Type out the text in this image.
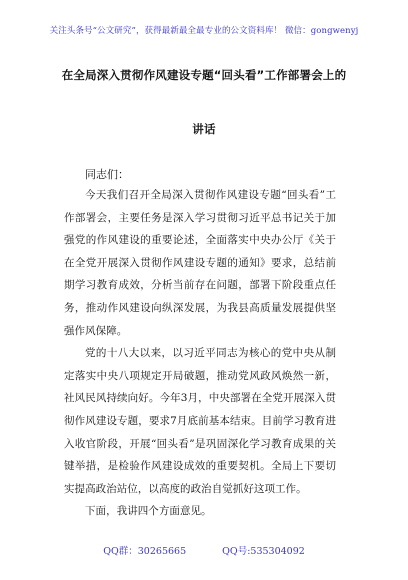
关注头条号“公文研究”，获得最新最全最专业的公文资料库！ 微信：gongwenyj
在全局深入贯彻作风建设专题“回头看”工作部署会上的
讲话
同志们：

今天我们召开全局深入贯彻作风建设专题“回头看”工作部署会，主要任务是深入学习贯彻习近平总书记关于加强党的作风建设的重要论述，全面落实中央办公厅《关于在全党开展深入贯彻作风建设专题的通知》要求，总结前期学习教育成效，分析当前存在问题，部署下阶段重点任务，推动作风建设向纵深发展，为我县高质量发展提供坚强作风保障。

党的十八大以来，以习近平同志为核心的党中央从制定落实中央八项规定开局破题，推动党风政风焕然一新，社风民风持续向好。今年3月，中央部署在全党开展深入贯彻作风建设专题，要求7月底前基本结束。目前学习教育进入收官阶段，开展“回头看”是巩固深化学习教育成果的关键举措，是检验作风建设成效的重要契机。全局上下要切实提高政治站位，以高度的政治自觉抓好这项工作。

下面，我讲四个方面意见。

QQ群：30265665	QQ号:535304092
